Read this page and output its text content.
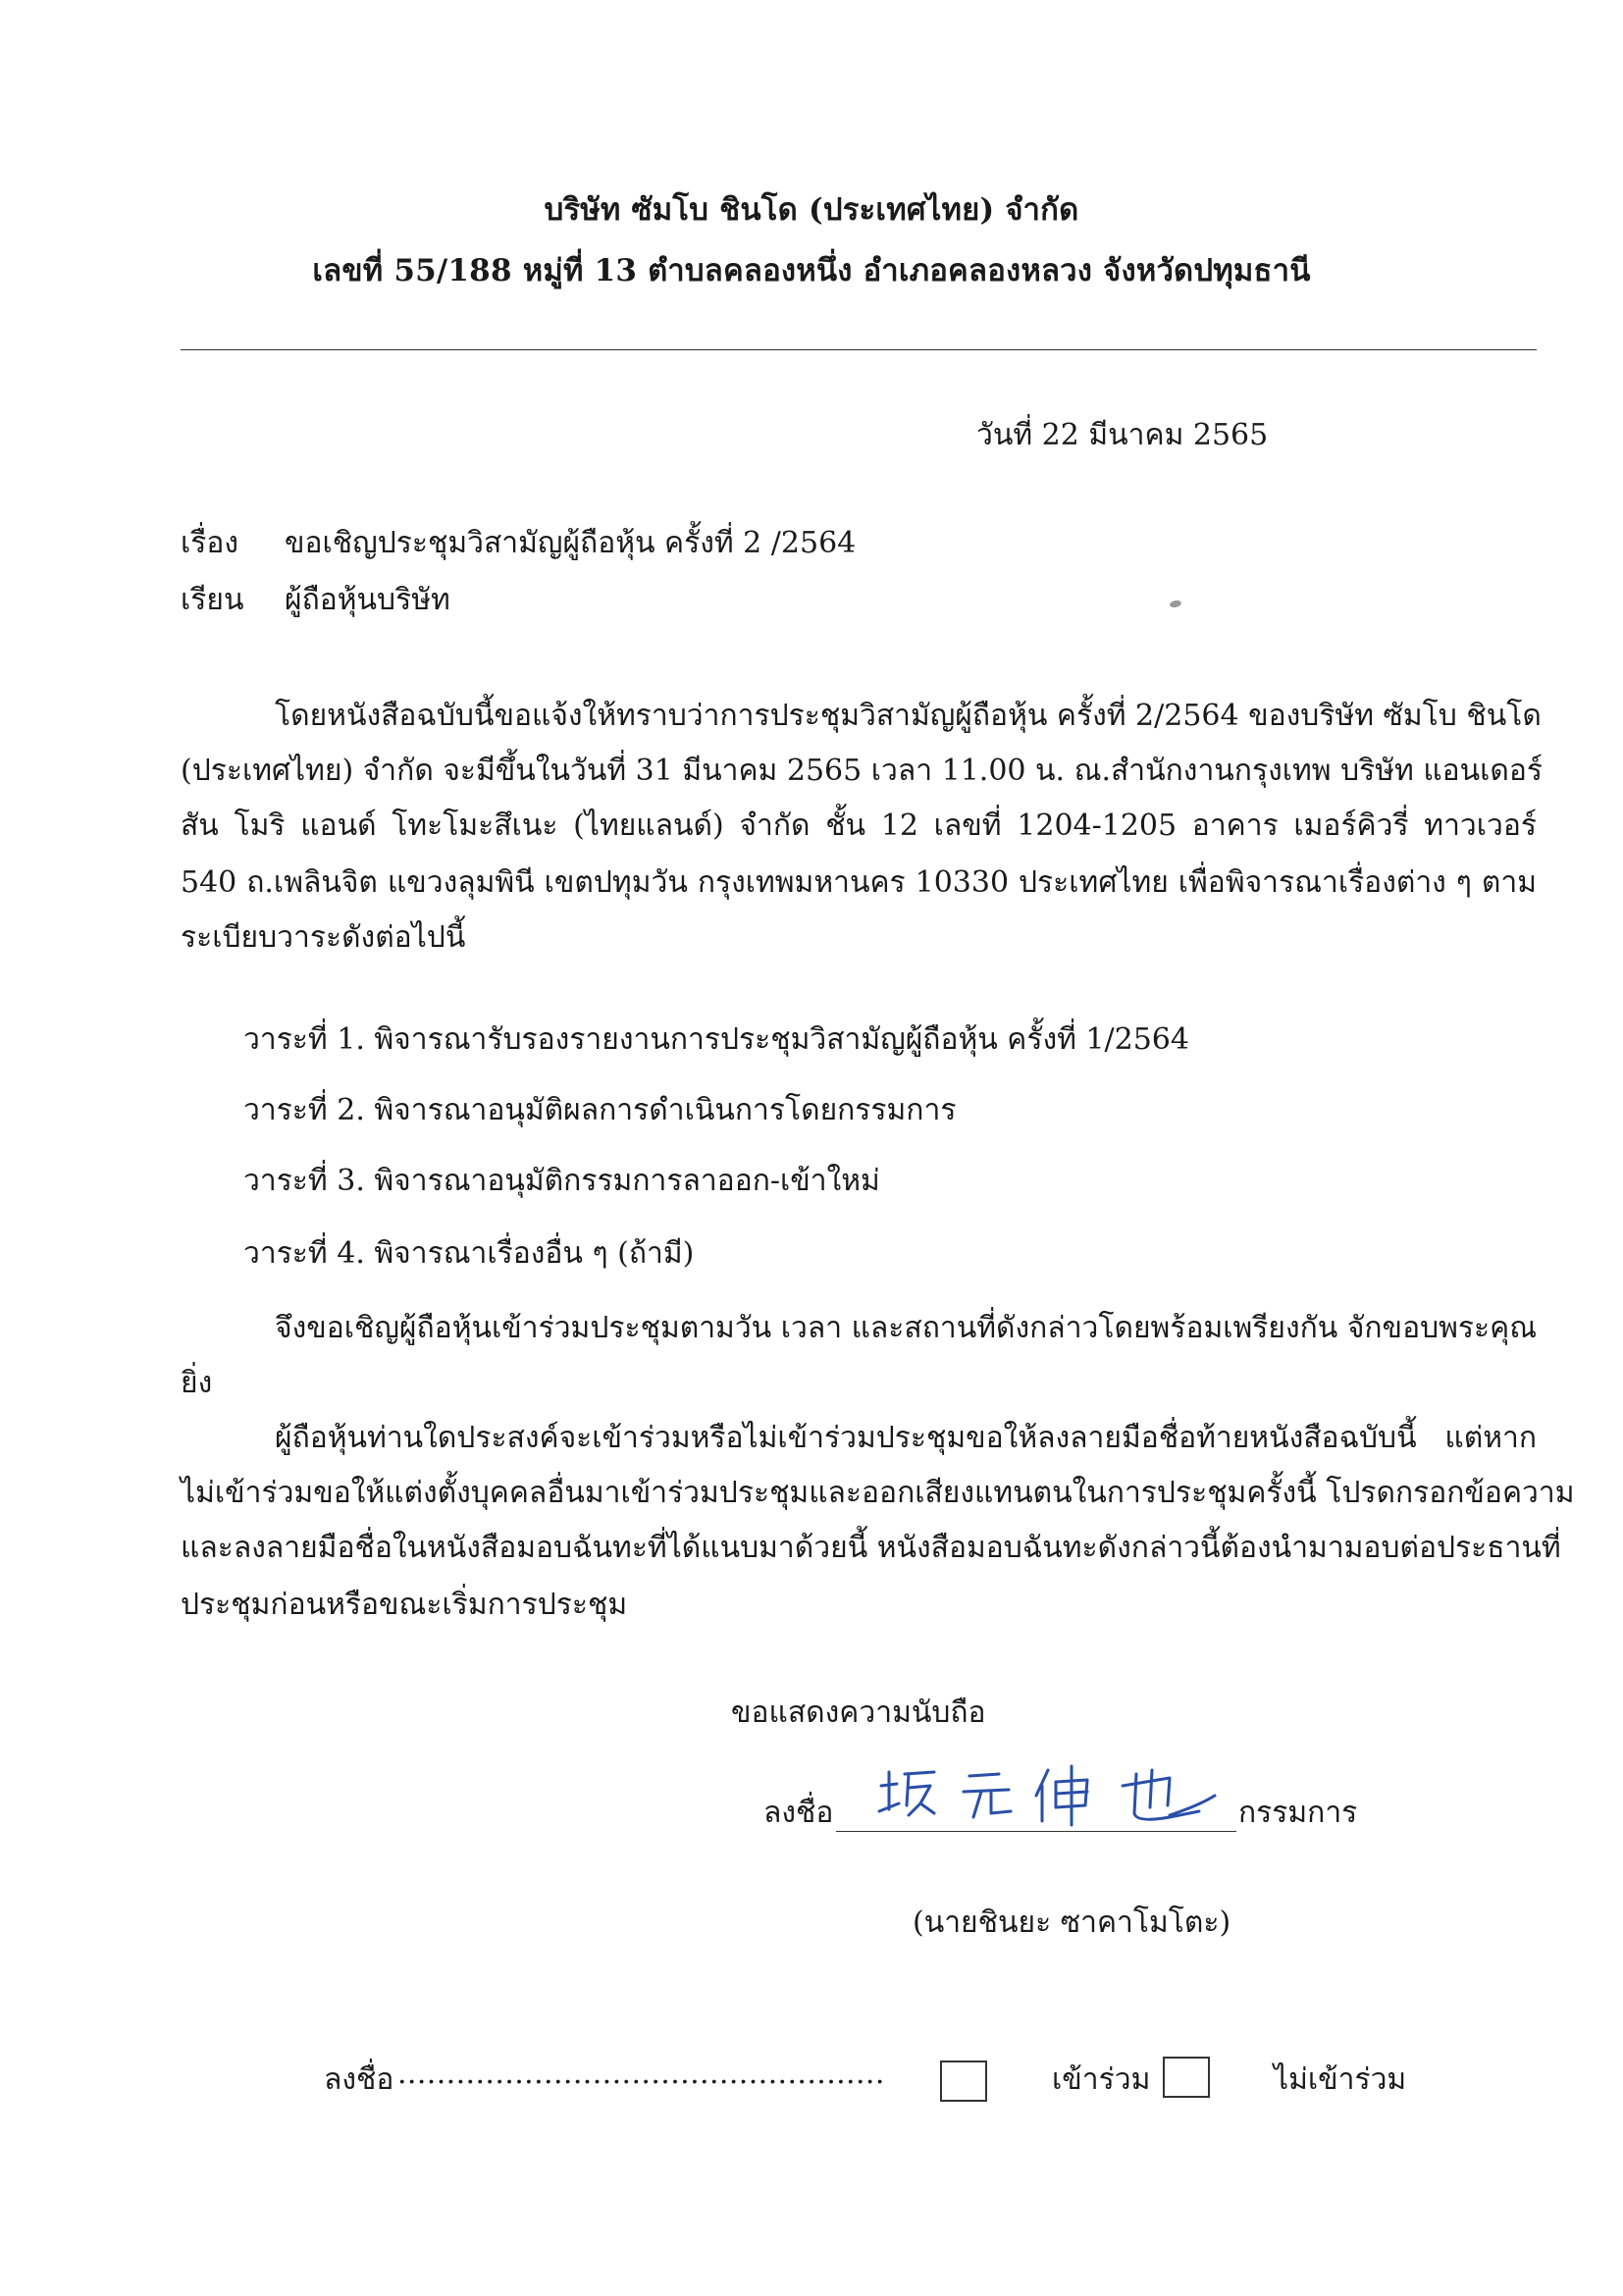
บริษัท ซัมโบ ชินโด (ประเทศไทย) จำกัด
เลขที่ 55/188 หมู่ที่ 13 ตำบลคลองหนึ่ง อำเภอคลองหลวง จังหวัดปทุมธานี
วันที่ 22 มีนาคม 2565
เรื่อง ขอเชิญประชุมวิสามัญผู้ถือหุ้น ครั้งที่ 2 /2564
เรียน ผู้ถือหุ้นบริษัท
โดยหนังสือฉบับนี้ขอแจ้งให้ทราบว่าการประชุมวิสามัญผู้ถือหุ้น ครั้งที่ 2/2564 ของบริษัท ซัมโบ ชินโด
(ประเทศไทย) จำกัด จะมีขึ้นในวันที่ 31 มีนาคม 2565 เวลา 11.00 น. ณ.สำนักงานกรุงเทพ บริษัท แอนเดอร์
สัน โมริ แอนด์ โทะโมะสึเนะ (ไทยแลนด์) จำกัด ชั้น 12 เลขที่ 1204-1205 อาคาร เมอร์คิวรี่ ทาวเวอร์
540 ถ.เพลินจิต แขวงลุมพินี เขตปทุมวัน กรุงเทพมหานคร 10330 ประเทศไทย เพื่อพิจารณาเรื่องต่าง ๆ ตาม
ระเบียบวาระดังต่อไปนี้
วาระที่ 1. พิจารณารับรองรายงานการประชุมวิสามัญผู้ถือหุ้น ครั้งที่ 1/2564
วาระที่ 2. พิจารณาอนุมัติผลการดำเนินการโดยกรรมการ
วาระที่ 3. พิจารณาอนุมัติกรรมการลาออก-เข้าใหม่
วาระที่ 4. พิจารณาเรื่องอื่น ๆ (ถ้ามี)
จึงขอเชิญผู้ถือหุ้นเข้าร่วมประชุมตามวัน เวลา และสถานที่ดังกล่าวโดยพร้อมเพรียงกัน จักขอบพระคุณ
ยิ่ง
ผู้ถือหุ้นท่านใดประสงค์จะเข้าร่วมหรือไม่เข้าร่วมประชุมขอให้ลงลายมือชื่อท้ายหนังสือฉบับนี้ แต่หาก
ไม่เข้าร่วมขอให้แต่งตั้งบุคคลอื่นมาเข้าร่วมประชุมและออกเสียงแทนตนในการประชุมครั้งนี้ โปรดกรอกข้อความ
และลงลายมือชื่อในหนังสือมอบฉันทะที่ได้แนบมาด้วยนี้ หนังสือมอบฉันทะดังกล่าวนี้ต้องนำมามอบต่อประธานที่
ประชุมก่อนหรือขณะเริ่มการประชุม
ขอแสดงความนับถือ
ลงชื่อ	กรรมการ
(นายชินยะ ซาคาโมโตะ)
ลงชื่อ ..................................................	เข้าร่วม	ไม่เข้าร่วม
